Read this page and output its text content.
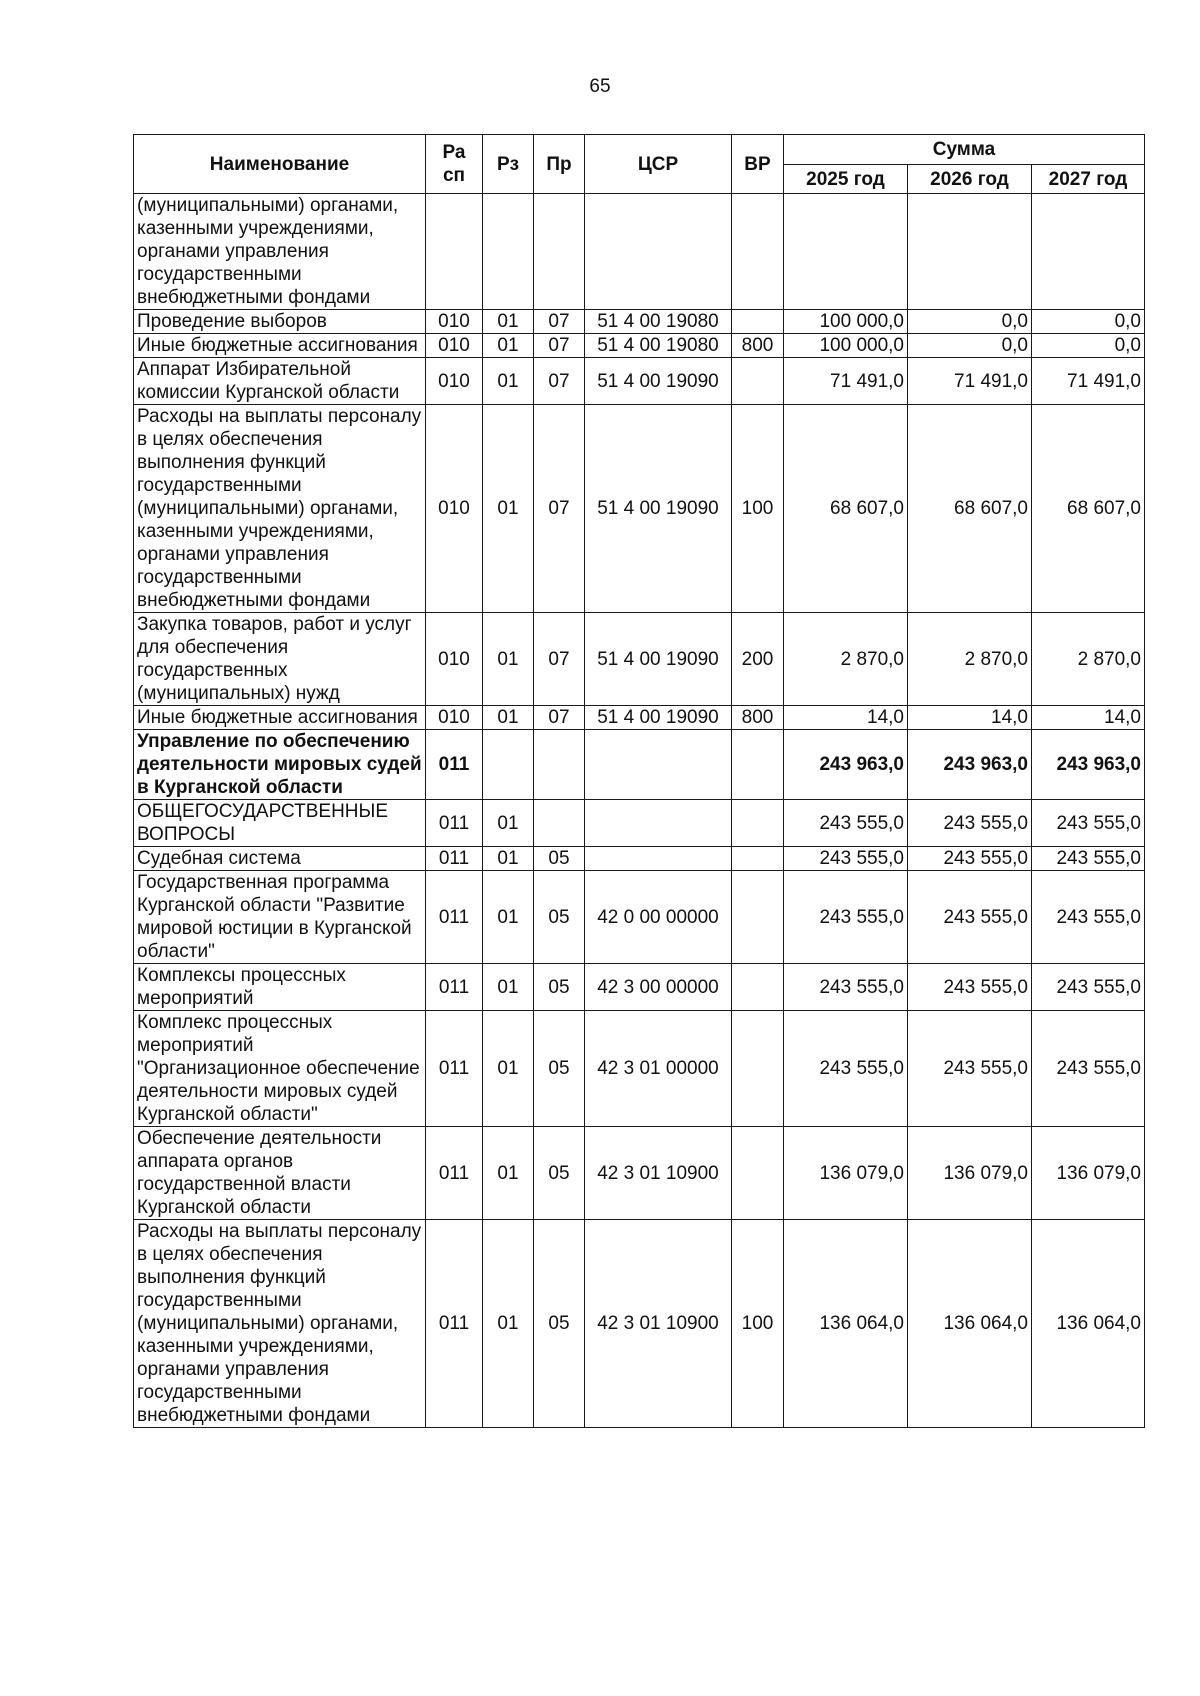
65
Наименование	Ра сп	Рз	Пр	ЦСР	ВР	Сумма		
						2025 год	2026 год	2027 год
(муниципальными) органами, казенными учреждениями, органами управления государственными внебюджетными фондами								
Проведение выборов	010	01	07	51 4 00 19080		100 000,0	0,0	0,0
Иные бюджетные ассигнования	010	01	07	51 4 00 19080	800	100 000,0	0,0	0,0
Аппарат Избирательной комиссии Курганской области	010	01	07	51 4 00 19090		71 491,0	71 491,0	71 491,0
Расходы на выплаты персоналу в целях обеспечения выполнения функций государственными (муниципальными) органами, казенными учреждениями, органами управления государственными внебюджетными фондами	010	01	07	51 4 00 19090	100	68 607,0	68 607,0	68 607,0
Закупка товаров, работ и услуг для обеспечения государственных (муниципальных) нужд	010	01	07	51 4 00 19090	200	2 870,0	2 870,0	2 870,0
Иные бюджетные ассигнования	010	01	07	51 4 00 19090	800	14,0	14,0	14,0
Управление по обеспечению деятельности мировых судей в Курганской области	011					243 963,0	243 963,0	243 963,0
ОБЩЕГОСУДАРСТВЕННЫЕ ВОПРОСЫ	011	01				243 555,0	243 555,0	243 555,0
Судебная система	011	01	05			243 555,0	243 555,0	243 555,0
Государственная программа Курганской области "Развитие мировой юстиции в Курганской области"	011	01	05	42 0 00 00000		243 555,0	243 555,0	243 555,0
Комплексы процессных мероприятий	011	01	05	42 3 00 00000		243 555,0	243 555,0	243 555,0
Комплекс процессных мероприятий "Организационное обеспечение деятельности мировых судей Курганской области"	011	01	05	42 3 01 00000		243 555,0	243 555,0	243 555,0
Обеспечение деятельности аппарата органов государственной власти Курганской области	011	01	05	42 3 01 10900		136 079,0	136 079,0	136 079,0
Расходы на выплаты персоналу в целях обеспечения выполнения функций государственными (муниципальными) органами, казенными учреждениями, органами управления государственными внебюджетными фондами	011	01	05	42 3 01 10900	100	136 064,0	136 064,0	136 064,0
